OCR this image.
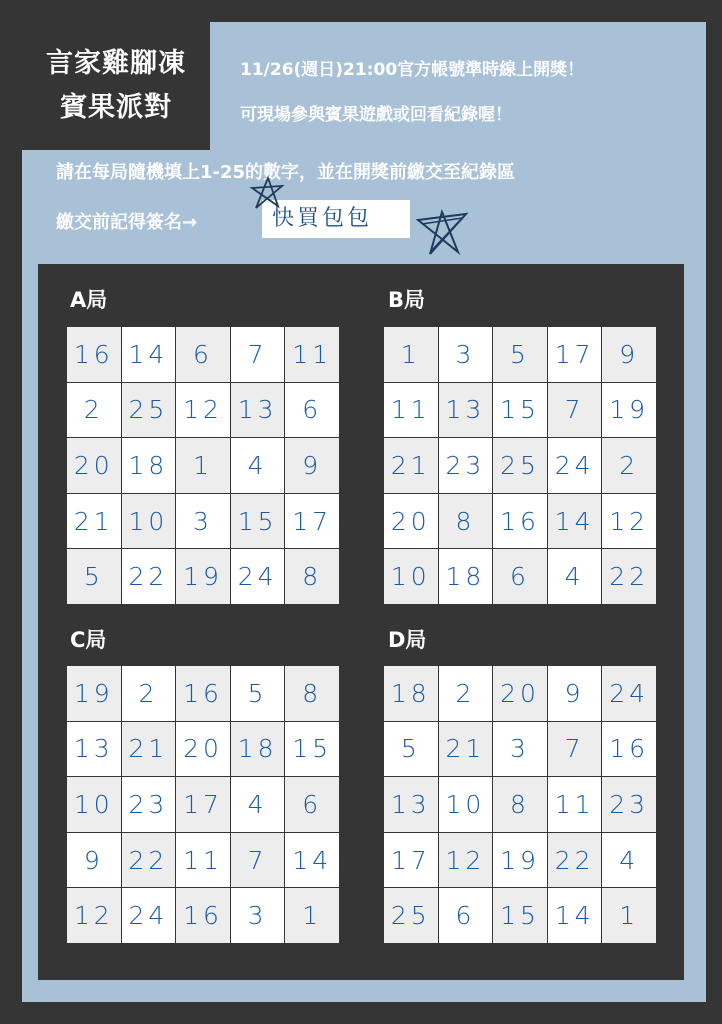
言家雞腳凍
賓果派對
11/26(週日)21:00官方帳號準時線上開獎！
可現場參與賓果遊戲或回看紀錄喔！
請在每局隨機填上1-25的數字，並在開獎前繳交至紀錄區
繳交前記得簽名→	快買包包
A局	B局
C局	D局
16 14 6	7 11
2 25 12 13 6
20 18 1	4	9
21 10 3 15 17
5 22 19 24 8
1	3	5 17 9
11 13 15 7 19
21 23 25 24 2
20 8 16 14 12
10 18 6	4 22
19 2 16 5	8
13 21 20 18 15
10 23 17 4	6
9 22 11 7 14
12 24 16 3	1
18 2 20 9 24
5 21 3	7 16
13 10 8 11 23
17 12 19 22 4
25 6 15 14 1
